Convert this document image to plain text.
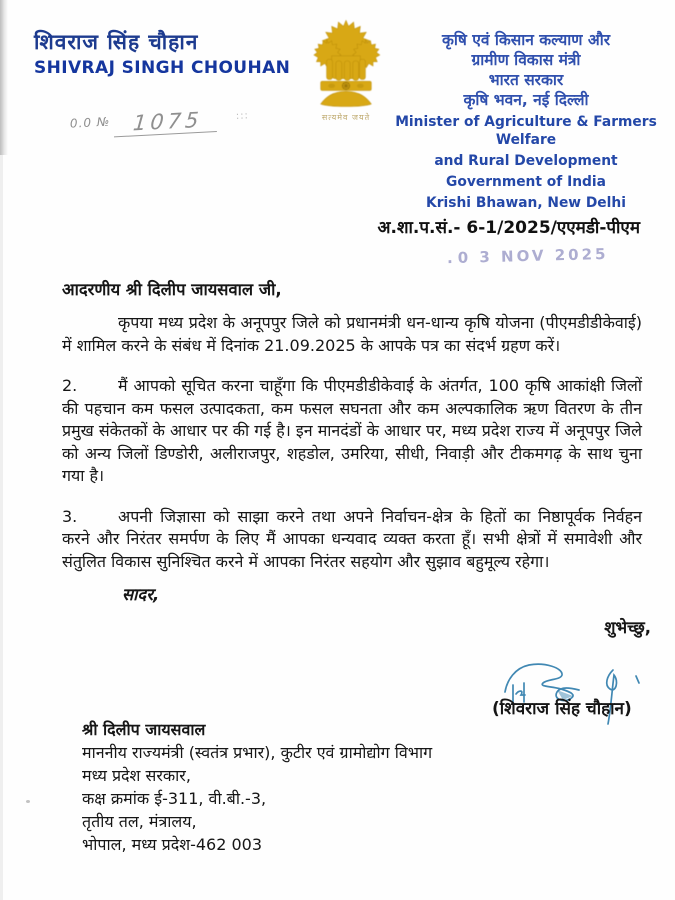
शिवराज सिंह चौहान
SHIVRAJ SINGH CHOUHAN
$^{0.0 №}$ 1075	:::	सत्यमेव जयते
कृषि एवं किसान कल्याण और
ग्रामीण विकास मंत्री
भारत सरकार
कृषि भवन, नई दिल्ली
Minister of Agriculture & Farmers Welfare
and Rural Development
Government of India
Krishi Bhawan, New Delhi
अ.शा.प.सं.- 6-1/2025/एएमडी-पीएम
. 0 3 NOV 2025
आदरणीय श्री दिलीप जायसवाल जी,

कृपया मध्य प्रदेश के अनूपपुर जिले को प्रधानमंत्री धन-धान्य कृषि योजना (पीएमडीडीकेवाई) में शामिल करने के संबंध में दिनांक 21.09.2025 के आपके पत्र का संदर्भ ग्रहण करें।

2.	मैं आपको सूचित करना चाहूँगा कि पीएमडीडीकेवाई के अंतर्गत, 100 कृषि आकांक्षी जिलों की पहचान कम फसल उत्पादकता, कम फसल सघनता और कम अल्पकालिक ऋण वितरण के तीन प्रमुख संकेतकों के आधार पर की गई है। इन मानदंडों के आधार पर, मध्य प्रदेश राज्य में अनूपपुर जिले को अन्य जिलों डिण्डोरी, अलीराजपुर, शहडोल, उमरिया, सीधी, निवाड़ी और टीकमगढ़ के साथ चुना गया है।

3.	अपनी जिज्ञासा को साझा करने तथा अपने निर्वाचन-क्षेत्र के हितों का निष्ठापूर्वक निर्वहन करने और निरंतर समर्पण के लिए मैं आपका धन्यवाद व्यक्त करता हूँ। सभी क्षेत्रों में समावेशी और संतुलित विकास सुनिश्चित करने में आपका निरंतर सहयोग और सुझाव बहुमूल्य रहेगा।

सादर,
शुभेच्छु,
(शिवराज सिंह चौहान)
श्री दिलीप जायसवाल
माननीय राज्यमंत्री (स्वतंत्र प्रभार), कुटीर एवं ग्रामोद्योग विभाग
मध्य प्रदेश सरकार,
कक्ष क्रमांक ई-311, वी.बी.-3,
तृतीय तल, मंत्रालय,
भोपाल, मध्य प्रदेश-462 003
